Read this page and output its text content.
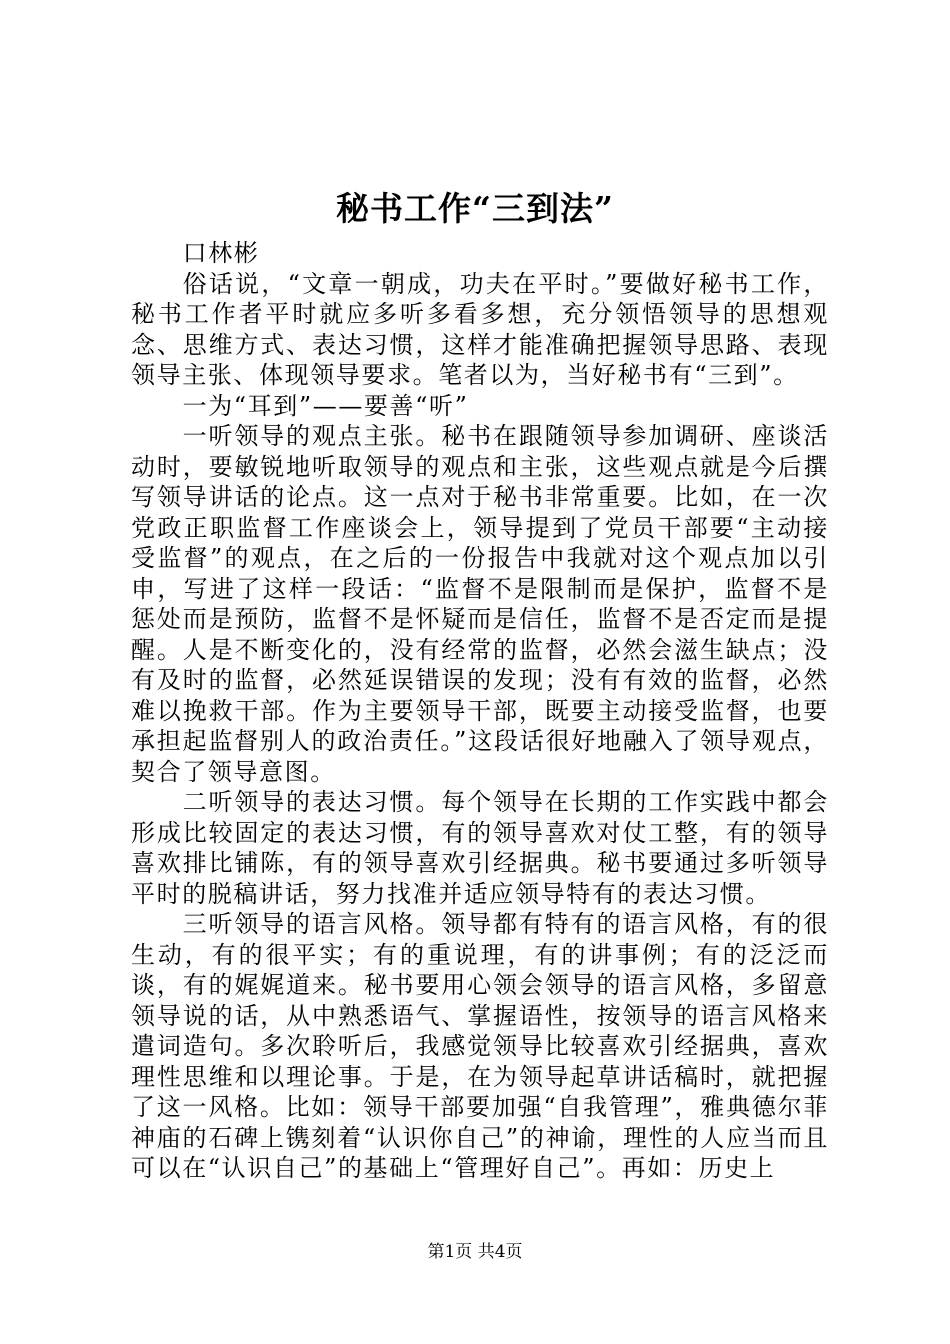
秘书工作“三到法”

口林彬

俗话说，“文章一朝成，功夫在平时。”要做好秘书工作，秘书工作者平时就应多听多看多想，充分领悟领导的思想观念、思维方式、表达习惯，这样才能准确把握领导思路、表现领导主张、体现领导要求。笔者以为，当好秘书有“三到”。

一为“耳到”——要善“听”

一听领导的观点主张。秘书在跟随领导参加调研、座谈活动时，要敏锐地听取领导的观点和主张，这些观点就是今后撰写领导讲话的论点。这一点对于秘书非常重要。比如，在一次党政正职监督工作座谈会上，领导提到了党员干部要“主动接受监督”的观点，在之后的一份报告中我就对这个观点加以引申，写进了这样一段话：“监督不是限制而是保护，监督不是惩处而是预防，监督不是怀疑而是信任，监督不是否定而是提醒。人是不断变化的，没有经常的监督，必然会滋生缺点；没有及时的监督，必然延误错误的发现；没有有效的监督，必然难以挽救干部。作为主要领导干部，既要主动接受监督，也要承担起监督别人的政治责任。”这段话很好地融入了领导观点，契合了领导意图。

二听领导的表达习惯。每个领导在长期的工作实践中都会形成比较固定的表达习惯，有的领导喜欢对仗工整，有的领导喜欢排比铺陈，有的领导喜欢引经据典。秘书要通过多听领导平时的脱稿讲话，努力找准并适应领导特有的表达习惯。

三听领导的语言风格。领导都有特有的语言风格，有的很生动，有的很平实；有的重说理，有的讲事例；有的泛泛而谈，有的娓娓道来。秘书要用心领会领导的语言风格，多留意领导说的话，从中熟悉语气、掌握语性，按领导的语言风格来遣词造句。多次聆听后，我感觉领导比较喜欢引经据典，喜欢理性思维和以理论事。于是，在为领导起草讲话稿时，就把握了这一风格。比如：领导干部要加强“自我管理”，雅典德尔菲神庙的石碑上镌刻着“认识你自己”的神谕，理性的人应当而且可以在“认识自己”的基础上“管理好自己”。再如：历史上

第1页 共4页
